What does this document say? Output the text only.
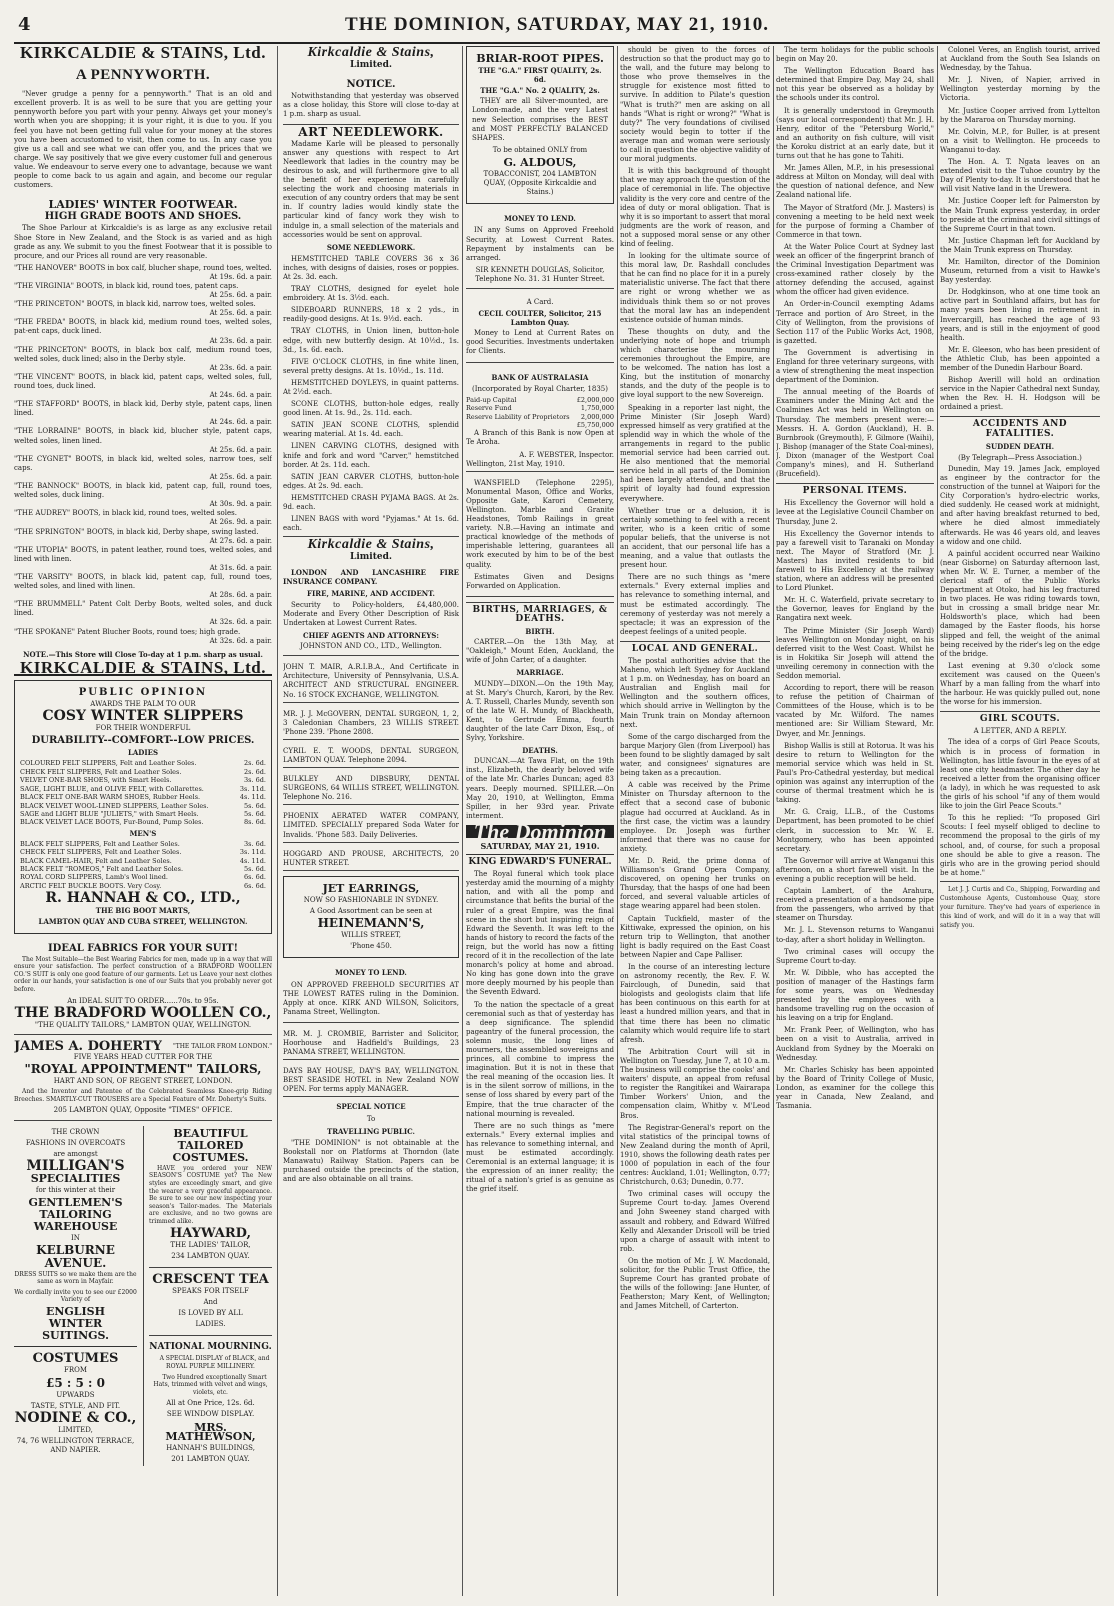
4	THE DOMINION, SATURDAY, MAY 21, 1910.
KIRKCALDIE & STAINS, Ltd.
A PENNYWORTH.

"Never grudge a penny for a pennyworth." That is an old and excellent proverb. It is as well to be sure that you are getting your pennyworth before you part with your penny. Always get your money's worth when you are shopping; it is your right, it is due to you. If you feel you have not been getting full value for your money at the stores you have been accustomed to visit, then come to us. In any case you give us a call and see what we can offer you, and the prices that we charge. We say positively that we give every customer full and generous value. We endeavour to serve every one to advantage, because we want people to come back to us again and again, and become our regular customers.

LADIES' WINTER FOOTWEAR.
HIGH GRADE BOOTS AND SHOES.

The Shoe Parlour at Kirkcaldie's is as large as any exclusive retail Shoe Store in New Zealand, and the Stock is as varied and as high grade as any. We submit to you the finest Footwear that it is possible to procure, and our Prices all round are very reasonable.

"THE HANOVER" BOOTS in box calf, blucher shape, round toes, welted.
At 19s. 6d. a pair.
"THE VIRGINIA" BOOTS, in black kid, round toes, patent caps.
At 25s. 6d. a pair.
"THE PRINCETON" BOOTS, in black kid, narrow toes, welted soles.
At 25s. 6d. a pair.
"THE FREDA" BOOTS, in black kid, medium round toes, welted soles, pat-ent caps, duck lined.
At 23s. 6d. a pair.
"THE PRINCETON" BOOTS, in black box calf, medium round toes, welted soles, duck lined; also in the Derby style.
At 23s. 6d. a pair.
"THE VINCENT" BOOTS, in black kid, patent caps, welted soles, full, round toes, duck lined.
At 24s. 6d. a pair.
"THE STAFFORD" BOOTS, in black kid, Derby style, patent caps, linen lined.
At 24s. 6d. a pair.
"THE LORRAINE" BOOTS, in black kid, blucher style, patent caps, welted soles, linen lined.
At 25s. 6d. a pair.
"THE CYGNET" BOOTS, in black kid, welted soles, narrow toes, self caps.
At 25s. 6d. a pair.
"THE BANNOCK" BOOTS, in black kid, patent cap, full, round toes, welted soles, duck lining.
At 30s. 9d. a pair.
"THE AUDREY" BOOTS, in black kid, round toes, welted soles.
At 26s. 9d. a pair.
"THE SPRINGTON" BOOTS, in black kid, Derby shape, swing lasted.
At 27s. 6d. a pair.
"THE UTOPIA" BOOTS, in patent leather, round toes, welted soles, and lined with linen.
At 31s. 6d. a pair.
"THE VARSITY" BOOTS, in black kid, patent cap, full, round toes, welted soles, and lined with linen.
At 28s. 6d. a pair.
"THE BRUMMELL" Patent Colt Derby Boots, welted soles, and duck lined.
At 32s. 6d. a pair.
"THE SPOKANE" Patent Blucher Boots, round toes; high grade.
At 32s. 6d. a pair.
NOTE.—This Store will Close To-day at 1 p.m. sharp as usual.
KIRKCALDIE & STAINS, Ltd.
PUBLIC OPINION
AWARDS THE PALM TO OUR
COSY WINTER SLIPPERS
FOR THEIR WONDERFUL
DURABILITY--COMFORT--LOW PRICES.
LADIES
COLOURED FELT SLIPPERS, Felt and Leather Soles.	2s. 6d.
CHECK FELT SLIPPERS, Felt and Leather Soles.	2s. 6d.
VELVET ONE-BAR SHOES, with Smart Heels.	3s. 6d.
SAGE, LIGHT BLUE, and OLIVE FELT, with Collarettes.	3s. 11d.
BLACK FELT ONE-BAR WARM SHOES, Rubber Heels.	4s. 11d.
BLACK VELVET WOOL-LINED SLIPPERS, Leather Soles.	5s. 6d.
SAGE and LIGHT BLUE "JULIETS," with Smart Heels.	5s. 6d.
BLACK VELVET LACE BOOTS, Fur-Bound, Pump Soles.	8s. 6d.
MEN'S
BLACK FELT SLIPPERS, Felt and Leather Soles.	3s. 6d.
CHECK FELT SLIPPERS, Felt and Leather Soles.	3s. 11d.
BLACK CAMEL-HAIR, Felt and Leather Soles.	4s. 11d.
BLACK FELT "ROMEOS," Felt and Leather Soles.	5s. 6d.
ROYAL CORD SLIPPERS, Lamb's Wool lined.	6s. 6d.
ARCTIC FELT BUCKLE BOOTS. Very Cosy.	6s. 6d.
R. HANNAH & CO., LTD.,
THE BIG BOOT MARTS,
LAMBTON QUAY AND CUBA STREET, WELLINGTON.
IDEAL FABRICS FOR YOUR SUIT!

The Most Suitable—the Best Wearing Fabrics for men, made up in a way that will ensure your satisfaction. The perfect construction of a BRADFORD WOOLLEN CO.'S SUIT is only one good feature of our garments. Let us Leave your next clothes order in our hands, your satisfaction is one of our Suits that you probably never got before.

An IDEAL SUIT TO ORDER......70s. to 95s.
THE BRADFORD WOOLLEN CO.,
"THE QUALITY TAILORS," LAMBTON QUAY, WELLINGTON.
JAMES A. DOHERTY "THE TAILOR FROM LONDON."
FIVE YEARS HEAD CUTTER FOR THE
"ROYAL APPOINTMENT" TAILORS,
HART AND SON, OF REGENT STREET, LONDON.

And the Inventor and Patentee of the Celebrated Seamless Knee-grip Riding Breeches. SMARTLY-CUT TROUSERS are a Special Feature of Mr. Doherty's Suits.

205 LAMBTON QUAY, Opposite "TIMES" OFFICE.
THE CROWN
FASHIONS IN OVERCOATS
are amongst
MILLIGAN'S
SPECIALITIES
for this winter at their
GENTLEMEN'S
TAILORING
WAREHOUSE
IN
KELBURNE
AVENUE.

DRESS SUITS so we make them are the same as worn in Mayfair.

We cordially invite you to see our £2000 Variety of

ENGLISH
WINTER
SUITINGS.
COSTUMES
FROM
£5 : 5 : 0
UPWARDS
TASTE, STYLE, AND FIT.
NODINE & CO.,
LIMITED,
74, 76 WELLINGTON TERRACE, AND NAPIER.
BEAUTIFUL
TAILORED
COSTUMES.

HAVE you ordered your NEW SEASON'S COSTUME yet? The New styles are exceedingly smart, and give the wearer a very graceful appearance. Be sure to see our new inspecting your season's Tailor-mades. The Materials are exclusive, and no two gowns are trimmed alike.

HAYWARD,
THE LADIES' TAILOR,
234 LAMBTON QUAY.
CRESCENT TEA
SPEAKS FOR ITSELF
And
IS LOVED BY ALL
LADIES.
NATIONAL MOURNING.

A SPECIAL DISPLAY of BLACK, and ROYAL PURPLE MILLINERY.

Two Hundred exceptionally Smart Hats, trimmed with velvet and wings, violets, etc.

All at One Price, 12s. 6d.
SEE WINDOW DISPLAY.
MRS. MATHEWSON,
HANNAH'S BUILDINGS,
201 LAMBTON QUAY.
Kirkcaldie & Stains,
Limited.
NOTICE.

Notwithstanding that yesterday was observed as a close holiday, this Store will close to-day at 1 p.m. sharp as usual.

ART NEEDLEWORK.

Madame Karle will be pleased to personally answer any questions with respect to Art Needlework that ladies in the country may be desirous to ask, and will furthermore give to all the benefit of her experience in carefully selecting the work and choosing materials in execution of any country orders that may be sent in. If country ladies would kindly state the particular kind of fancy work they wish to indulge in, a small selection of the materials and accessories would be sent on approval.

SOME NEEDLEWORK.

HEMSTITCHED TABLE COVERS 36 x 36 inches, with designs of daisies, roses or poppies. At 2s. 3d. each.

TRAY CLOTHS, designed for eyelet hole embroidery. At 1s. 3½d. each.

SIDEBOARD RUNNERS, 18 x 2 yds., in readily-good designs. At 1s. 9½d. each.

TRAY CLOTHS, in Union linen, button-hole edge, with new butterfly design. At 10½d., 1s. 3d., 1s. 6d. each.

FIVE O'CLOCK CLOTHS, in fine white linen, several pretty designs. At 1s. 10½d., 1s. 11d.

HEMSTITCHED DOYLEYS, in quaint patterns. At 2½d. each.

SCONE CLOTHS, button-hole edges, really good linen. At 1s. 9d., 2s. 11d. each.

SATIN JEAN SCONE CLOTHS, splendid wearing material. At 1s. 4d. each.

LINEN CARVING CLOTHS, designed with knife and fork and word "Carver," hemstitched border. At 2s. 11d. each.

SATIN JEAN CARVER CLOTHS, button-hole edges. At 2s. 9d. each.

HEMSTITCHED CRASH PYJAMA BAGS. At 2s. 9d. each.

LINEN BAGS with word "Pyjamas." At 1s. 6d. each.

Kirkcaldie & Stains,
Limited.

LONDON AND LANCASHIRE FIRE INSURANCE COMPANY.

FIRE, MARINE, AND ACCIDENT.

Security to Policy-holders, £4,480,000. Moderate and Every Other Description of Risk Undertaken at Lowest Current Rates.

CHIEF AGENTS AND ATTORNEYS:
JOHNSTON AND CO., LTD., Wellington.
JOHN T. MAIR, A.R.I.B.A., And Certificate in Architecture, University of Pennsylvania, U.S.A. ARCHITECT AND STRUCTURAL ENGINEER. No. 16 STOCK EXCHANGE, WELLINGTON.
MR. J. J. McGOVERN, DENTAL SURGEON, 1, 2, 3 Caledonian Chambers, 23 WILLIS STREET. 'Phone 239. 'Phone 2808.
CYRIL E. T. WOODS, DENTAL SURGEON, LAMBTON QUAY. Telephone 2094.
BULKLEY AND DIBSBURY, DENTAL SURGEONS, 64 WILLIS STREET, WELLINGTON. Telephone No. 216.
PHOENIX AERATED WATER COMPANY, LIMITED. SPECIALLY prepared Soda Water for Invalids. 'Phone 583. Daily Deliveries.
HOGGARD AND PROUSE, ARCHITECTS, 20 HUNTER STREET.
JET EARRINGS,
NOW SO FASHIONABLE IN SYDNEY.
A Good Assortment can be seen at
HEINEMANN'S,
WILLIS STREET,
'Phone 450.
MONEY TO LEND.

ON APPROVED FREEHOLD SECURITIES AT THE LOWEST RATES ruling in the Dominion. Apply at once. KIRK AND WILSON, Solicitors, Panama Street, Wellington.

MR. M. J. CROMBIE, Barrister and Solicitor, Hoorhouse and Hadfield's Buildings, 23 PANAMA STREET, WELLINGTON.
DAYS BAY HOUSE, DAY'S BAY, WELLINGTON. BEST SEASIDE HOTEL in New Zealand NOW OPEN. For terms apply MANAGER.
SPECIAL NOTICE
To
TRAVELLING PUBLIC.

"THE DOMINION" is not obtainable at the Bookstall nor on Platforms at Thorndon (late Manawatu) Railway Station. Papers can be purchased outside the precincts of the station, and are also obtainable on all trains.

BRIAR-ROOT PIPES.
THE "G.A." FIRST QUALITY, 2s. 6d.
THE "G.A." No. 2 QUALITY, 2s.

THEY are all Silver-mounted, are London-made, and the very Latest new Selection comprises the BEST and MOST PERFECTLY BALANCED SHAPES.

To be obtained ONLY from
G. ALDOUS,
TOBACCONIST, 204 LAMBTON QUAY, (Opposite Kirkcaldie and Stains.)
MONEY TO LEND.

IN any Sums on Approved Freehold Security, at Lowest Current Rates. Repayment by instalments can be arranged.

SIR KENNETH DOUGLAS, Solicitor, Telephone No. 31. 31 Hunter Street.
A Card.
CECIL COULTER, Solicitor, 215 Lambton Quay.

Money to Lend at Current Rates on good Securities. Investments undertaken for Clients.

BANK OF AUSTRALASIA
(Incorporated by Royal Charter, 1835)
Paid-up Capital	£2,000,000
Reserve Fund	1,750,000
Reserve Liability of Proprietors	2,000,000
£5,750,000

A Branch of this Bank is now Open at Te Aroha.

A. F. WEBSTER, Inspector.
Wellington, 21st May, 1910.

WANSFIELD (Telephone 2295), Monumental Mason, Office and Works, Opposite Gate, Karori Cemetery, Wellington. Marble and Granite Headstones, Tomb Railings in great variety. N.B.—Having an intimate and practical knowledge of the methods of imperishable lettering, guarantees all work executed by him to be of the best quality.

Estimates Given and Designs Forwarded on Application.

BIRTHS, MARRIAGES, & DEATHS.
BIRTH.

CARTER.—On the 13th May, at "Oakleigh," Mount Eden, Auckland, the wife of John Carter, of a daughter.

MARRIAGE.

MUNDY—DIXON.—On the 19th May, at St. Mary's Church, Karori, by the Rev. A. T. Russell, Charles Mundy, seventh son of the late W. H. Mundy, of Blackheath, Kent, to Gertrude Emma, fourth daughter of the late Carr Dixon, Esq., of Sylvy, Yorkshire.

DEATHS.

DUNCAN.—At Tawa Flat, on the 19th inst., Elizabeth, the dearly beloved wife of the late Mr. Charles Duncan; aged 83 years. Deeply mourned. SPILLER.—On May 20, 1910, at Wellington, Emma Spiller, in her 93rd year. Private interment.

The Dominion
SATURDAY, MAY 21, 1910.
KING EDWARD'S FUNERAL.

The Royal funeral which took place yesterday amid the mourning of a mighty nation, and with all the pomp and circumstance that befits the burial of the ruler of a great Empire, was the final scene in the short but inspiring reign of Edward the Seventh. It was left to the hands of history to record the facts of the reign, but the world has now a fitting record of it in the recollection of the late monarch's policy at home and abroad. No king has gone down into the grave more deeply mourned by his people than the Seventh Edward.

To the nation the spectacle of a great ceremonial such as that of yesterday has a deep significance. The splendid pageantry of the funeral procession, the solemn music, the long lines of mourners, the assembled sovereigns and princes, all combine to impress the imagination. But it is not in these that the real meaning of the occasion lies. It is in the silent sorrow of millions, in the sense of loss shared by every part of the Empire, that the true character of the national mourning is revealed.

There are no such things as "mere externals." Every external implies and has relevance to something internal, and must be estimated accordingly. Ceremonial is an external language; it is the expression of an inner reality; the ritual of a nation's grief is as genuine as the grief itself.

should be given to the forces of destruction so that the product may go to the wall, and the future may belong to those who prove themselves in the struggle for existence most fitted to survive. In addition to Pilate's question "What is truth?" men are asking on all hands "What is right or wrong?" "What is duty?" The very foundations of civilised society would begin to totter if the average man and woman were seriously to call in question the objective validity of our moral judgments.

It is with this background of thought that we may approach the question of the place of ceremonial in life. The objective validity is the very core and centre of the idea of duty or moral obligation. That is why it is so important to assert that moral judgments are the work of reason, and not a supposed moral sense or any other kind of feeling.

In looking for the ultimate source of this moral law, Dr. Rashdall concludes that he can find no place for it in a purely materialistic universe. The fact that there are right or wrong whether we as individuals think them so or not proves that the moral law has an independent existence outside of human minds.

These thoughts on duty, and the underlying note of hope and triumph which characterise the mourning ceremonies throughout the Empire, are to be welcomed. The nation has lost a King, but the institution of monarchy stands, and the duty of the people is to give loyal support to the new Sovereign.

Speaking in a reporter last night, the Prime Minister (Sir Joseph Ward) expressed himself as very gratified at the splendid way in which the whole of the arrangements in regard to the public memorial service had been carried out. He also mentioned that the memorial service held in all parts of the Dominion had been largely attended, and that the spirit of loyalty had found expression everywhere.

Whether true or a delusion, it is certainly something to feel with a recent writer, who is a keen critic of some popular beliefs, that the universe is not an accident, that our personal life has a meaning, and a value that outlasts the present hour.

There are no such things as "mere externals." Every external implies and has relevance to something internal, and must be estimated accordingly. The ceremony of yesterday was not merely a spectacle; it was an expression of the deepest feelings of a united people.

LOCAL AND GENERAL.

The postal authorities advise that the Maheno, which left Sydney for Auckland at 1 p.m. on Wednesday, has on board an Australian and English mail for Wellington and the southern offices, which should arrive in Wellington by the Main Trunk train on Monday afternoon next.

Some of the cargo discharged from the barque Marjory Glen (from Liverpool) has been found to be slightly damaged by salt water, and consignees' signatures are being taken as a precaution.

A cable was received by the Prime Minister on Thursday afternoon to the effect that a second case of bubonic plague had occurred at Auckland. As in the first case, the victim was a laundry employee. Dr. Joseph was further informed that there was no cause for anxiety.

Mr. D. Reid, the prime donna of Williamson's Grand Opera Company, discovered, on opening her trunks on Thursday, that the hasps of one had been forced, and several valuable articles of stage wearing apparel had been stolen.

Captain Tuckfield, master of the Kittiwake, expressed the opinion, on his return trip to Wellington, that another light is badly required on the East Coast between Napier and Cape Palliser.

In the course of an interesting lecture on astronomy recently, the Rev. F. W. Fairclough, of Dunedin, said that biologists and geologists claim that life has been continuous on this earth for at least a hundred million years, and that in that time there has been no climatic calamity which would require life to start afresh.

The Arbitration Court will sit in Wellington on Tuesday, June 7, at 10 a.m. The business will comprise the cooks' and waiters' dispute, an appeal from refusal to register the Rangitikei and Wairarapa Timber Workers' Union, and the compensation claim, Whitby v. M'Leod Bros.

The Registrar-General's report on the vital statistics of the principal towns of New Zealand during the month of April, 1910, shows the following death rates per 1000 of population in each of the four centres: Auckland, 1.01; Wellington, 0.77; Christchurch, 0.63; Dunedin, 0.77.

Two criminal cases will occupy the Supreme Court to-day. James Overend and John Sweeney stand charged with assault and robbery, and Edward Wilfred Kelly and Alexander Driscoll will be tried upon a charge of assault with intent to rob.

On the motion of Mr. J. W. Macdonald, solicitor, for the Public Trust Office, the Supreme Court has granted probate of the wills of the following: Jane Hunter, of Featherston; Mary Kent, of Wellington; and James Mitchell, of Carterton.

The term holidays for the public schools begin on May 20.

The Wellington Education Board has determined that Empire Day, May 24, shall not this year be observed as a holiday by the schools under its control.

It is generally understood in Greymouth (says our local correspondent) that Mr. J. H. Henry, editor of the "Petersburg World," and an authority on fish culture, will visit the Koroku district at an early date, but it turns out that he has gone to Tahiti.

Mr. James Allen, M.P., in his presessional address at Milton on Monday, will deal with the question of national defence, and New Zealand national life.

The Mayor of Stratford (Mr. J. Masters) is convening a meeting to be held next week for the purpose of forming a Chamber of Commerce in that town.

At the Water Police Court at Sydney last week an officer of the fingerprint branch of the Criminal Investigation Department was cross-examined rather closely by the attorney defending the accused, against whom the officer had given evidence.

An Order-in-Council exempting Adams Terrace and portion of Aro Street, in the City of Wellington, from the provisions of Section 117 of the Public Works Act, 1908, is gazetted.

The Government is advertising in England for three veterinary surgeons, with a view of strengthening the meat inspection department of the Dominion.

The annual meeting of the Boards of Examiners under the Mining Act and the Coalmines Act was held in Wellington on Thursday. The members present were:—Messrs. H. A. Gordon (Auckland), H. B. Burnbrook (Greymouth), F. Gilmore (Waihi), J. Bishop (manager of the State Coal-mines), J. Dixon (manager of the Westport Coal Company's mines), and H. Sutherland (Brucefield).

PERSONAL ITEMS.

His Excellency the Governor will hold a levee at the Legislative Council Chamber on Thursday, June 2.

His Excellency the Governor intends to pay a farewell visit to Taranaki on Monday next. The Mayor of Stratford (Mr. J. Masters) has invited residents to bid farewell to His Excellency at the railway station, where an address will be presented to Lord Plunket.

Mr. H. C. Waterfield, private secretary to the Governor, leaves for England by the Rangatira next week.

The Prime Minister (Sir Joseph Ward) leaves Wellington on Monday night, on his deferred visit to the West Coast. Whilst he is in Hokitika Sir Joseph will attend the unveiling ceremony in connection with the Seddon memorial.

According to report, there will be reason to refuse the petition of Chairman of Committees of the House, which is to be vacated by Mr. Wilford. The names mentioned are: Sir William Steward, Mr. Dwyer, and Mr. Jennings.

Bishop Wallis is still at Rotorua. It was his desire to return to Wellington for the memorial service which was held in St. Paul's Pro-Cathedral yesterday, but medical opinion was against any interruption of the course of thermal treatment which he is taking.

Mr. G. Craig, LL.B., of the Customs Department, has been promoted to be chief clerk, in succession to Mr. W. E. Montgomery, who has been appointed secretary.

The Governor will arrive at Wanganui this afternoon, on a short farewell visit. In the evening a public reception will be held.

Captain Lambert, of the Arahura, received a presentation of a handsome pipe from the passengers, who arrived by that steamer on Thursday.

Mr. J. L. Stevenson returns to Wanganui to-day, after a short holiday in Wellington.

Two criminal cases will occupy the Supreme Court to-day.

Mr. W. Dibble, who has accepted the position of manager of the Hastings farm for some years, was on Wednesday presented by the employees with a handsome travelling rug on the occasion of his leaving on a trip for England.

Mr. Frank Peer, of Wellington, who has been on a visit to Australia, arrived in Auckland from Sydney by the Moeraki on Wednesday.

Mr. Charles Schisky has been appointed by the Board of Trinity College of Music, London, as examiner for the college this year in Canada, New Zealand, and Tasmania.

Colonel Veres, an English tourist, arrived at Auckland from the South Sea Islands on Wednesday, by the Tahua.

Mr. J. Niven, of Napier, arrived in Wellington yesterday morning by the Victoria.

Mr. Justice Cooper arrived from Lyttelton by the Mararoa on Thursday morning.

Mr. Colvin, M.P., for Buller, is at present on a visit to Wellington. He proceeds to Wanganui to-day.

The Hon. A. T. Ngata leaves on an extended visit to the Tuhoe country by the Day of Plenty to-day. It is understood that he will visit Native land in the Urewera.

Mr. Justice Cooper left for Palmerston by the Main Trunk express yesterday, in order to preside at the criminal and civil sittings of the Supreme Court in that town.

Mr. Justice Chapman left for Auckland by the Main Trunk express on Thursday.

Mr. Hamilton, director of the Dominion Museum, returned from a visit to Hawke's Bay yesterday.

Dr. Hodgkinson, who at one time took an active part in Southland affairs, but has for many years been living in retirement in Invercargill, has reached the age of 93 years, and is still in the enjoyment of good health.

Mr. E. Gleeson, who has been president of the Athletic Club, has been appointed a member of the Dunedin Harbour Board.

Bishop Averill will hold an ordination service in the Napier Cathedral next Sunday, when the Rev. H. H. Hodgson will be ordained a priest.

ACCIDENTS AND FATALITIES.
SUDDEN DEATH.
(By Telegraph—Press Association.)

Dunedin, May 19. James Jack, employed as engineer by the contractor for the construction of the tunnel at Waipori for the City Corporation's hydro-electric works, died suddenly. He ceased work at midnight, and after having breakfast returned to bed, where he died almost immediately afterwards. He was 46 years old, and leaves a widow and one child.

A painful accident occurred near Waikino (near Gisborne) on Saturday afternoon last, when Mr. W. E. Turner, a member of the clerical staff of the Public Works Department at Otoko, had his leg fractured in two places. He was riding towards town, but in crossing a small bridge near Mr. Holdsworth's place, which had been damaged by the Easter floods, his horse slipped and fell, the weight of the animal being received by the rider's leg on the edge of the bridge.

Last evening at 9.30 o'clock some excitement was caused on the Queen's Wharf by a man falling from the wharf into the harbour. He was quickly pulled out, none the worse for his immersion.

GIRL SCOUTS.
A LETTER, AND A REPLY.

The idea of a corps of Girl Peace Scouts, which is in process of formation in Wellington, has little favour in the eyes of at least one city headmaster. The other day he received a letter from the organising officer (a lady), in which he was requested to ask the girls of his school "if any of them would like to join the Girl Peace Scouts."

To this he replied: "To proposed Girl Scouts: I feel myself obliged to decline to recommend the proposal to the girls of my school, and, of course, for such a proposal one should be able to give a reason. The girls who are in the growing period should be at home."

Let J. J. Curtis and Co., Shipping, Forwarding and Customhouse Agents, Customhouse Quay, store your furniture. They've had years of experience in this kind of work, and will do it in a way that will satisfy you.
